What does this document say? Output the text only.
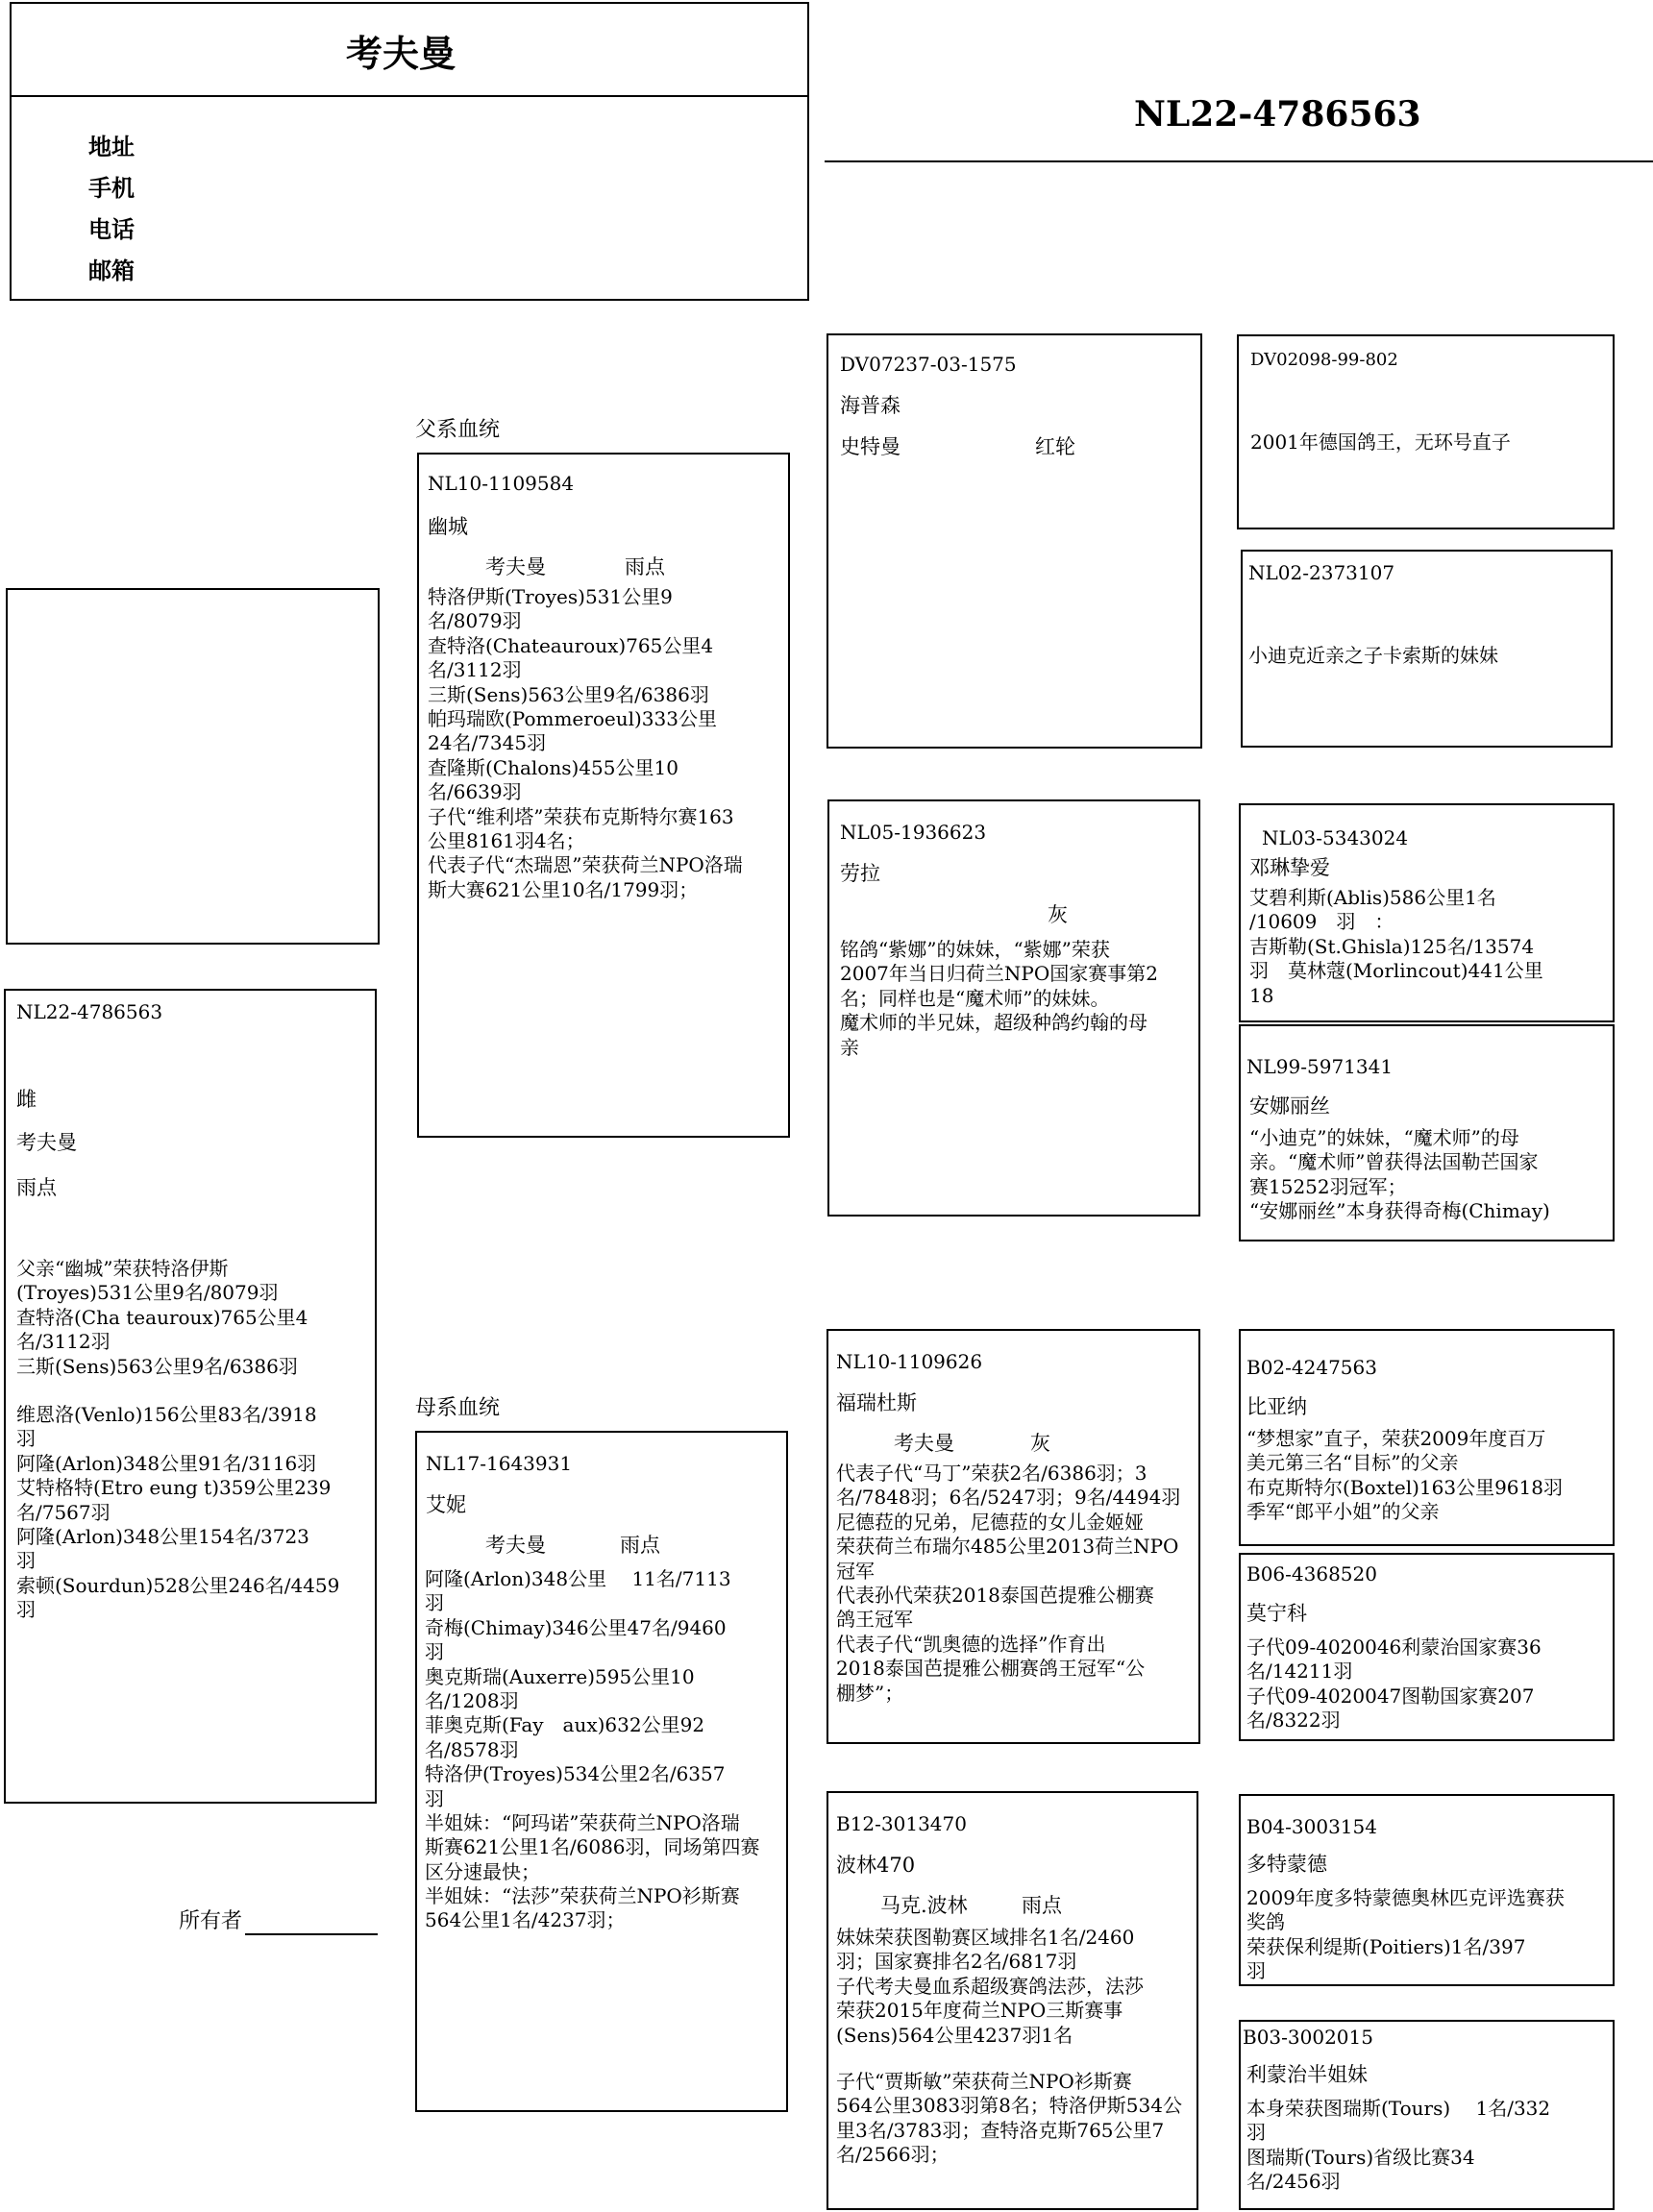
考夫曼
地址
手机
电话
邮箱
NL22-4786563
NL22-4786563
雌
考夫曼
雨点
父亲“幽城”荣获特洛伊斯
(Troyes)531公里9名/8079羽
查特洛(Cha teauroux)765公里4
名/3112羽
三斯(Sens)563公里9名/6386羽
维恩洛(Venlo)156公里83名/3918
羽
阿隆(Arlon)348公里91名/3116羽
艾特格特(Etro eung t)359公里239
名/7567羽
阿隆(Arlon)348公里154名/3723
羽
索顿(Sourdun)528公里246名/4459
羽
所有者
父系血统
母系血统
NL10-1109584
幽城
考夫曼	雨点
特洛伊斯(Troyes)531公里9
名/8079羽
查特洛(Chateauroux)765公里4
名/3112羽
三斯(Sens)563公里9名/6386羽
帕玛瑞欧(Pommeroeul)333公里
24名/7345羽
查隆斯(Chalons)455公里10
名/6639羽
子代“维利塔”荣获布克斯特尔赛163
公里8161羽4名；
代表子代“杰瑞恩”荣获荷兰NPO洛瑞
斯大赛621公里10名/1799羽；
NL17-1643931
艾妮
考夫曼	雨点
阿隆(Arlon)348公里　 11名/7113
羽
奇梅(Chimay)346公里47名/9460
羽
奥克斯瑞(Auxerre)595公里10
名/1208羽
菲奥克斯(Fay　aux)632公里92
名/8578羽
特洛伊(Troyes)534公里2名/6357
羽
半姐妹：“阿玛诺”荣获荷兰NPO洛瑞
斯赛621公里1名/6086羽，同场第四赛
区分速最快；
半姐妹：“法莎”荣获荷兰NPO衫斯赛
564公里1名/4237羽；
DV07237-03-1575
海普森
史特曼	红轮
NL05-1936623
劳拉
灰
铭鸽“紫娜”的妹妹，“紫娜”荣获
2007年当日归荷兰NPO国家赛事第2
名；同样也是“魔术师”的妹妹。
魔术师的半兄妹，超级种鸽约翰的母
亲
NL10-1109626
福瑞杜斯
考夫曼	灰
代表子代“马丁”荣获2名/6386羽；3
名/7848羽；6名/5247羽；9名/4494羽
尼德菈的兄弟，尼德菈的女儿金姬娅
荣获荷兰布瑞尔485公里2013荷兰NPO
冠军
代表孙代荣获2018泰国芭提雅公棚赛
鸽王冠军
代表子代“凯奥德的选择”作育出
2018泰国芭提雅公棚赛鸽王冠军“公
棚梦”；
B12-3013470
波林470
马克.波林	雨点
妹妹荣获图勒赛区域排名1名/2460
羽；国家赛排名2名/6817羽
子代考夫曼血系超级赛鸽法莎，法莎
荣获2015年度荷兰NPO三斯赛事
(Sens)564公里4237羽1名
子代“贾斯敏”荣获荷兰NPO衫斯赛
564公里3083羽第8名；特洛伊斯534公
里3名/3783羽；查特洛克斯765公里7
名/2566羽；
DV02098-99-802
2001年德国鸽王，无环号直子
NL02-2373107
小迪克近亲之子卡索斯的妹妹
NL03-5343024
邓琳挚爱
艾碧利斯(Ablis)586公里1名
/10609　羽　：
吉斯勒(St.Ghisla)125名/13574
羽　莫林蔻(Morlincout)441公里
18
NL99-5971341
安娜丽丝
“小迪克”的妹妹，“魔术师”的母
亲。“魔术师”曾获得法国勒芒国家
赛15252羽冠军；
“安娜丽丝”本身获得奇梅(Chimay)
B02-4247563
比亚纳
“梦想家”直子，荣获2009年度百万
美元第三名“目标”的父亲
布克斯特尔(Boxtel)163公里9618羽
季军“郎平小姐”的父亲
B06-4368520
莫宁科
子代09-4020046利蒙治国家赛36
名/14211羽
子代09-4020047图勒国家赛207
名/8322羽
B04-3003154
多特蒙德
2009年度多特蒙德奥林匹克评选赛获
奖鸽
荣获保利缇斯(Poitiers)1名/397
羽
B03-3002015
利蒙治半姐妹
本身荣获图瑞斯(Tours)　 1名/332
羽
图瑞斯(Tours)省级比赛34
名/2456羽
